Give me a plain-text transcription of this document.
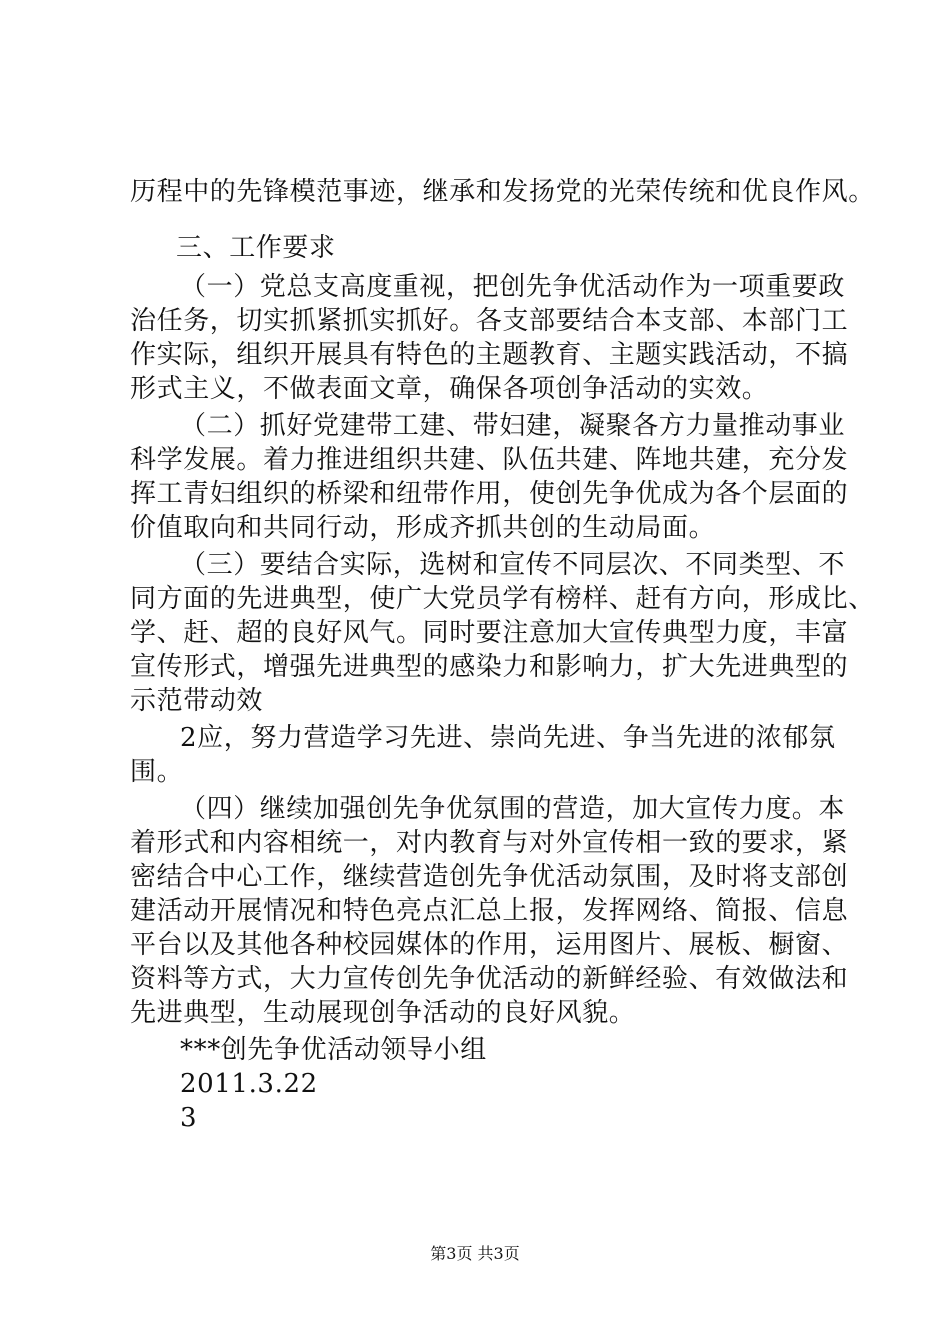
历程中的先锋模范事迹，继承和发扬党的光荣传统和优良作风。
三、工作要求
（一）党总支高度重视，把创先争优活动作为一项重要政
治任务，切实抓紧抓实抓好。各支部要结合本支部、本部门工
作实际，组织开展具有特色的主题教育、主题实践活动，不搞
形式主义，不做表面文章，确保各项创争活动的实效。
（二）抓好党建带工建、带妇建，凝聚各方力量推动事业
科学发展。着力推进组织共建、队伍共建、阵地共建，充分发
挥工青妇组织的桥梁和纽带作用，使创先争优成为各个层面的
价值取向和共同行动，形成齐抓共创的生动局面。
（三）要结合实际，选树和宣传不同层次、不同类型、不
同方面的先进典型，使广大党员学有榜样、赶有方向，形成比、
学、赶、超的良好风气。同时要注意加大宣传典型力度，丰富
宣传形式，增强先进典型的感染力和影响力，扩大先进典型的
示范带动效
2应，努力营造学习先进、崇尚先进、争当先进的浓郁氛
围。
（四）继续加强创先争优氛围的营造，加大宣传力度。本
着形式和内容相统一，对内教育与对外宣传相一致的要求，紧
密结合中心工作，继续营造创先争优活动氛围，及时将支部创
建活动开展情况和特色亮点汇总上报，发挥网络、简报、信息
平台以及其他各种校园媒体的作用，运用图片、展板、橱窗、
资料等方式，大力宣传创先争优活动的新鲜经验、有效做法和
先进典型，生动展现创争活动的良好风貌。
***创先争优活动领导小组
2011.3.22
3
第3页 共3页
